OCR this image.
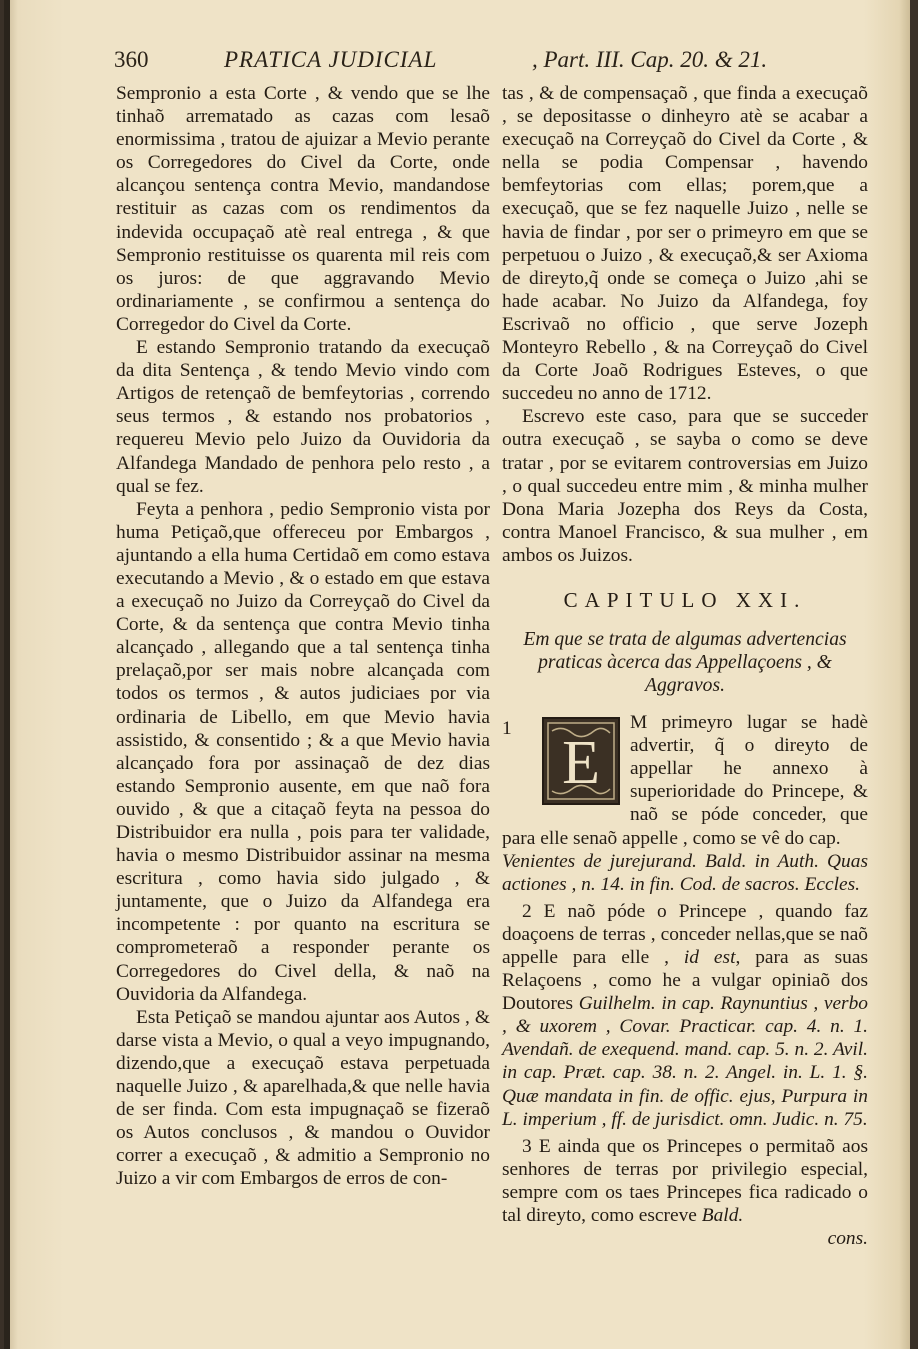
360	PRATICA JUDICIAL	, Part. III. Cap. 20. & 21.

Sempronio a esta Corte , & vendo que se lhe tinhaõ arrematado as cazas com lesaõ enormissima , tratou de ajuizar a Mevio perante os Corregedores do Civel da Corte, onde alcançou sentença contra Mevio, mandandose restituir as cazas com os rendimentos da indevida occupaçaõ atè real entrega , & que Sempronio restituisse os quarenta mil reis com os juros: de que aggravando Mevio ordinariamente , se confirmou a sentença do Corregedor do Civel da Corte.

E estando Sempronio tratando da execuçaõ da dita Sentença , & tendo Mevio vindo com Artigos de retençaõ de bemfeytorias , correndo seus termos , & estando nos probatorios , requereu Mevio pelo Juizo da Ouvidoria da Alfandega Mandado de penhora pelo resto , a qual se fez.

Feyta a penhora , pedio Sempronio vista por huma Petiçaõ,que offereceu por Embargos , ajuntando a ella huma Certidaõ em como estava executando a Mevio , & o estado em que estava a execuçaõ no Juizo da Correyçaõ do Civel da Corte, & da sentença que contra Mevio tinha alcançado , allegando que a tal sentença tinha prelaçaõ,por ser mais nobre alcançada com todos os termos , & autos judiciaes por via ordinaria de Libello, em que Mevio havia assistido, & consentido ; & a que Mevio havia alcançado fora por assinaçaõ de dez dias estando Sempronio ausente, em que naõ fora ouvido , & que a citaçaõ feyta na pessoa do Distribuidor era nulla , pois para ter validade, havia o mesmo Distribuidor assinar na mesma escritura , como havia sido julgado , & juntamente, que o Juizo da Alfandega era incompetente : por quanto na escritura se comprometeraõ a responder perante os Corregedores do Civel della, & naõ na Ouvidoria da Alfandega.

Esta Petiçaõ se mandou ajuntar aos Autos , & darse vista a Mevio, o qual a veyo impugnando, dizendo,que a execuçaõ estava perpetuada naquelle Juizo , & aparelhada,& que nelle havia de ser finda. Com esta impugnaçaõ se fizeraõ os Autos conclusos , & mandou o Ouvidor correr a execuçaõ , & admitio a Sempronio no Juizo a vir com Embargos de erros de con-

tas , & de compensaçaõ , que finda a execuçaõ , se depositasse o dinheyro atè se acabar a execuçaõ na Correyçaõ do Civel da Corte , & nella se podia Compensar , havendo bemfeytorias com ellas; porem,que a execuçaõ, que se fez naquelle Juizo , nelle se havia de findar , por ser o primeyro em que se perpetuou o Juizo , & execuçaõ,& ser Axioma de direyto,q̃ onde se começa o Juizo ,ahi se hade acabar. No Juizo da Alfandega, foy Escrivaõ no officio , que serve Jozeph Monteyro Rebello , & na Correyçaõ do Civel da Corte Joaõ Rodrigues Esteves, o que succedeu no anno de 1712.

Escrevo este caso, para que se succeder outra execuçaõ , se sayba o como se deve tratar , por se evitarem controversias em Juizo , o qual succedeu entre mim , & minha mulher Dona Maria Jozepha dos Reys da Costa, contra Manoel Francisco, & sua mulher , em ambos os Juizos.

CAPITULO XXI.
Em que se trata de algumas advertencias praticas àcerca das Appellaçoens , & Aggravos.
1
E

M primeyro lugar se hadè advertir, q̃ o direyto de appellar he annexo à superioridade do Princepe, & naõ se póde conceder, que para elle senaõ appelle , como se vê do cap.

Venientes de jurejurand. Bald. in Auth. Quas actiones , n. 14. in fin. Cod. de sacros. Eccles.

2 E naõ póde o Princepe , quando faz doaçoens de terras , conceder nellas,que se naõ appelle para elle , id est, para as suas Relaçoens , como he a vulgar opiniaõ dos Doutores Guilhelm. in cap. Raynuntius , verbo , & uxorem , Covar. Practicar. cap. 4. n. 1. Avendañ. de exequend. mand. cap. 5. n. 2. Avil. in cap. Præt. cap. 38. n. 2. Angel. in. L. 1. §. Quæ mandata in fin. de offic. ejus, Purpura in L. imperium , ff. de jurisdict. omn. Judic. n. 75.

3 E ainda que os Princepes o permitaõ aos senhores de terras por privilegio especial, sempre com os taes Princepes fica radicado o tal direyto, como escreve Bald.

cons.
